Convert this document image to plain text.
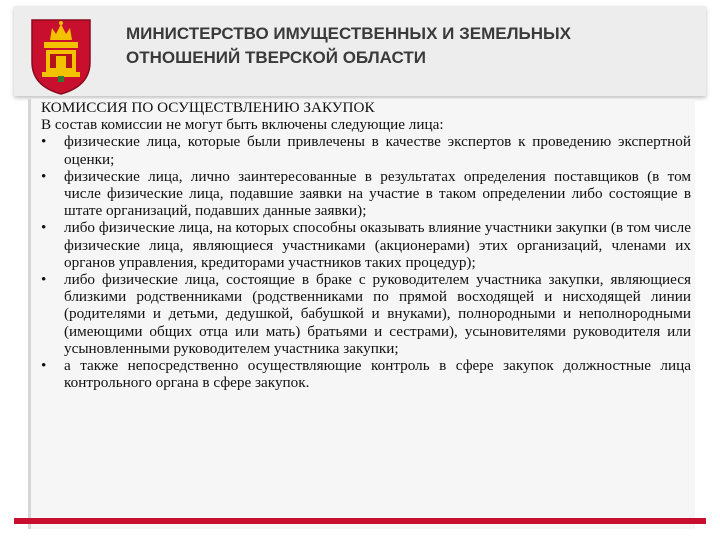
МИНИСТЕРСТВО ИМУЩЕСТВЕННЫХ И ЗЕМЕЛЬНЫХ
ОТНОШЕНИЙ ТВЕРСКОЙ ОБЛАСТИ
КОМИССИЯ ПО ОСУЩЕСТВЛЕНИЮ ЗАКУПОК
В состав комиссии не могут быть включены следующие лица:
• физические лица, которые были привлечены в качестве экспертов к проведению экспертной оценки;
• физические лица, лично заинтересованные в результатах определения поставщиков (в том числе физические лица, подавшие заявки на участие в таком определении либо состоящие в штате организаций, подавших данные заявки);
• либо физические лица, на которых способны оказывать влияние участники закупки (в том числе физические лица, являющиеся участниками (акционерами) этих организаций, членами их органов управления, кредиторами участников таких процедур);
• либо физические лица, состоящие в браке с руководителем участника закупки, являющиеся близкими родственниками (родственниками по прямой восходящей и нисходящей линии (родителями и детьми, дедушкой, бабушкой и внуками), полнородными и неполнородными (имеющими общих отца или мать) братьями и сестрами), усыновителями руководителя или усыновленными руководителем участника закупки;
• а также непосредственно осуществляющие контроль в сфере закупок должностные лица контрольного органа в сфере закупок.
